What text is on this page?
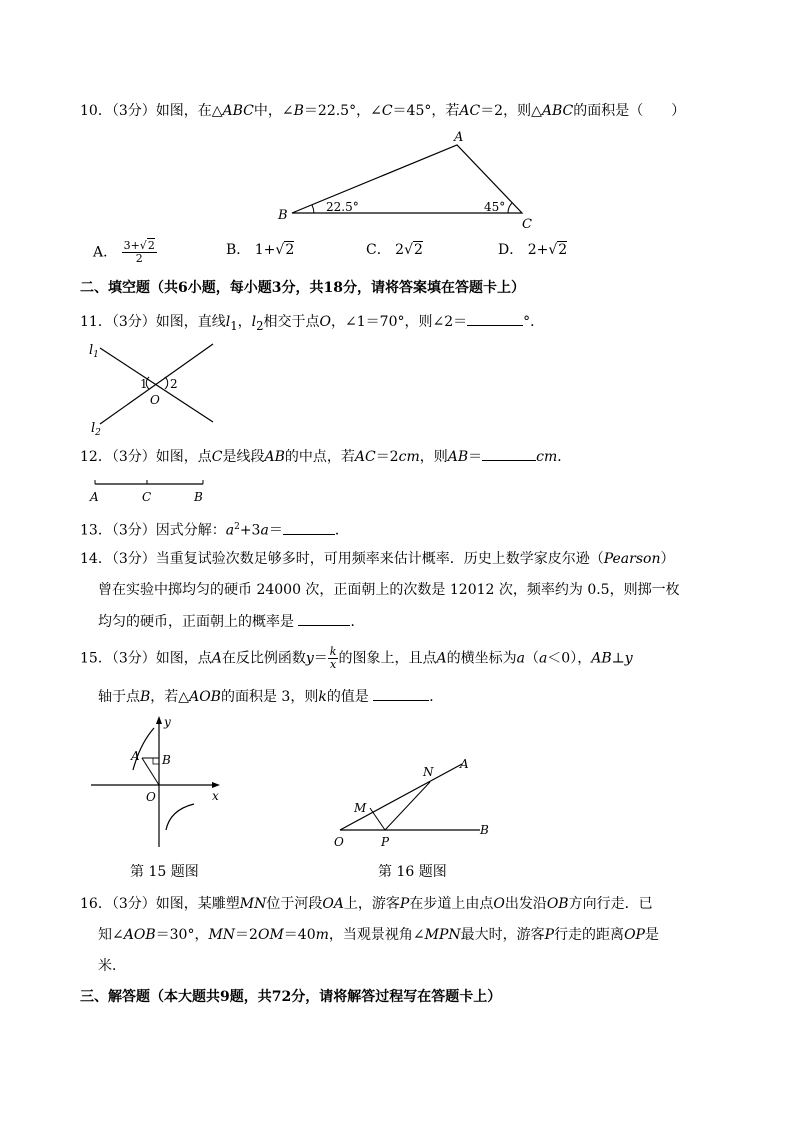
10．（3分）如图，在△ABC中，∠B＝22.5°，∠C＝45°，若AC＝2，则△ABC的面积是（　　）
A
B
C
22.5°	45°
A． $\frac{3+√2}{2}$	B． 1+√2	C． 2√2	D． 2+√2
二、填空题（共6小题，每小题3分，共18分，请将答案填在答题卡上）
11．（3分）如图，直线$l_1$，$l_2$相交于点O，∠1＝70°，则∠2＝	°．
$l_1$
$l_2$
1 2
O
12．（3分）如图，点C是线段AB的中点，若AC＝2cm，则AB＝	cm．
A	C	B
13．（3分）因式分解：$a^2+3a=$	．
14．（3分）当重复试验次数足够多时，可用频率来估计概率．历史上数学家皮尔逊（Pearson）
曾在实验中掷均匀的硬币 24000 次，正面朝上的次数是 12012 次，频率约为 0.5，则掷一枚
均匀的硬币，正面朝上的概率是	．
15．（3分）如图，点A在反比例函数$y= \frac{k}{x}$ 的图象上，且点A的横坐标为a（a＜0），AB⊥y
轴于点B，若△AOB的面积是 3，则k的值是	．
y
x
A B
O
第 15 题图
N
A
M
P
O
B
第 16 题图
16．（3分）如图，某雕塑MN位于河段OA上，游客P在步道上由点O出发沿OB方向行走．已
知∠AOB＝30°，MN＝2OM＝40m，当观景视角∠MPN最大时，游客P行走的距离OP是
米．
三、解答题（本大题共9题，共72分，请将解答过程写在答题卡上）
